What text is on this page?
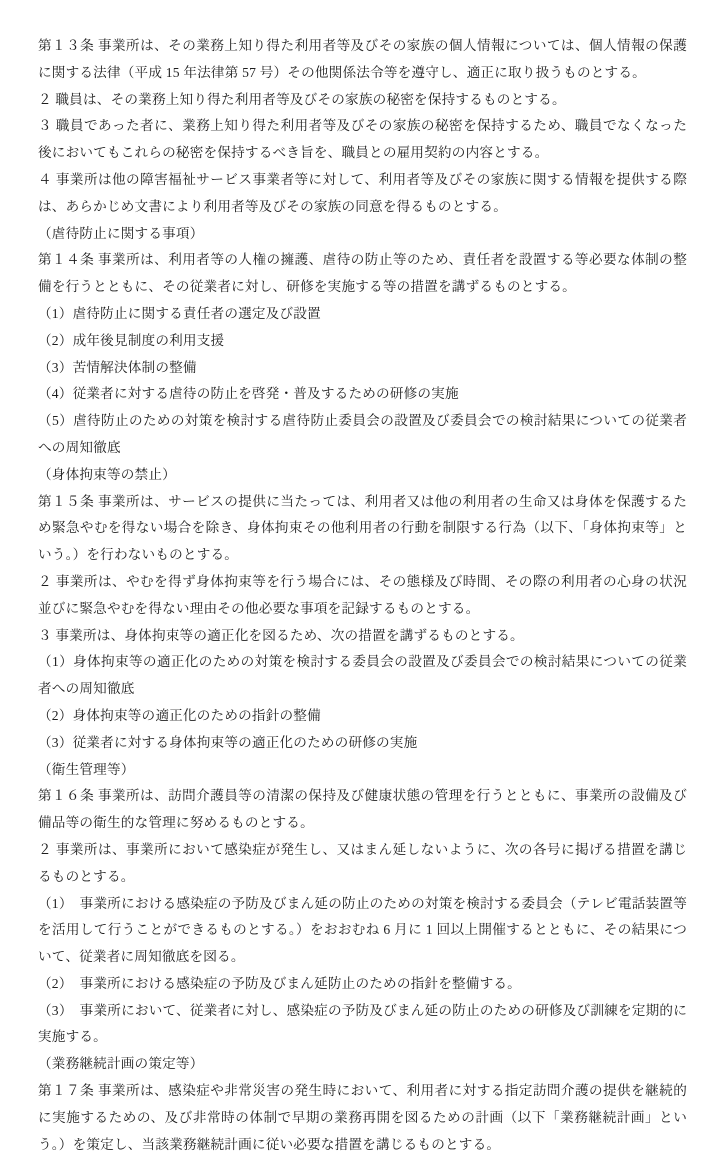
第１３条 事業所は、その業務上知り得た利用者等及びその家族の個人情報については、個人情報の保護に関する法律（平成 15 年法律第 57 号）その他関係法令等を遵守し、適正に取り扱うものとする。

２ 職員は、その業務上知り得た利用者等及びその家族の秘密を保持するものとする。

３ 職員であった者に、業務上知り得た利用者等及びその家族の秘密を保持するため、職員でなくなった後においてもこれらの秘密を保持するべき旨を、職員との雇用契約の内容とする。

４ 事業所は他の障害福祉サービス事業者等に対して、利用者等及びその家族に関する情報を提供する際は、あらかじめ文書により利用者等及びその家族の同意を得るものとする。

（虐待防止に関する事項）

第１４条 事業所は、利用者等の人権の擁護、虐待の防止等のため、責任者を設置する等必要な体制の整備を行うとともに、その従業者に対し、研修を実施する等の措置を講ずるものとする。

（1）虐待防止に関する責任者の選定及び設置

（2）成年後見制度の利用支援

（3）苦情解決体制の整備

（4）従業者に対する虐待の防止を啓発・普及するための研修の実施

（5）虐待防止のための対策を検討する虐待防止委員会の設置及び委員会での検討結果についての従業者への周知徹底

（身体拘束等の禁止）

第１５条 事業所は、サービスの提供に当たっては、利用者又は他の利用者の生命又は身体を保護するため緊急やむを得ない場合を除き、身体拘束その他利用者の行動を制限する行為（以下、「身体拘束等」という。）を行わないものとする。

２ 事業所は、やむを得ず身体拘束等を行う場合には、その態様及び時間、その際の利用者の心身の状況並びに緊急やむを得ない理由その他必要な事項を記録するものとする。

３ 事業所は、身体拘束等の適正化を図るため、次の措置を講ずるものとする。

（1）身体拘束等の適正化のための対策を検討する委員会の設置及び委員会での検討結果についての従業者への周知徹底

（2）身体拘束等の適正化のための指針の整備

（3）従業者に対する身体拘束等の適正化のための研修の実施

（衛生管理等）

第１６条 事業所は、訪問介護員等の清潔の保持及び健康状態の管理を行うとともに、事業所の設備及び備品等の衛生的な管理に努めるものとする。

２ 事業所は、事業所において感染症が発生し、又はまん延しないように、次の各号に掲げる措置を講じるものとする。

（1）　事業所における感染症の予防及びまん延の防止のための対策を検討する委員会（テレビ電話装置等を活用して行うことができるものとする。）をおおむね 6 月に 1 回以上開催するとともに、その結果について、従業者に周知徹底を図る。

（2）　事業所における感染症の予防及びまん延防止のための指針を整備する。

（3）　事業所において、従業者に対し、感染症の予防及びまん延の防止のための研修及び訓練を定期的に実施する。

（業務継続計画の策定等）

第１７条 事業所は、感染症や非常災害の発生時において、利用者に対する指定訪問介護の提供を継続的に実施するための、及び非常時の体制で早期の業務再開を図るための計画（以下「業務継続計画」という。）を策定し、当該業務継続計画に従い必要な措置を講じるものとする。
